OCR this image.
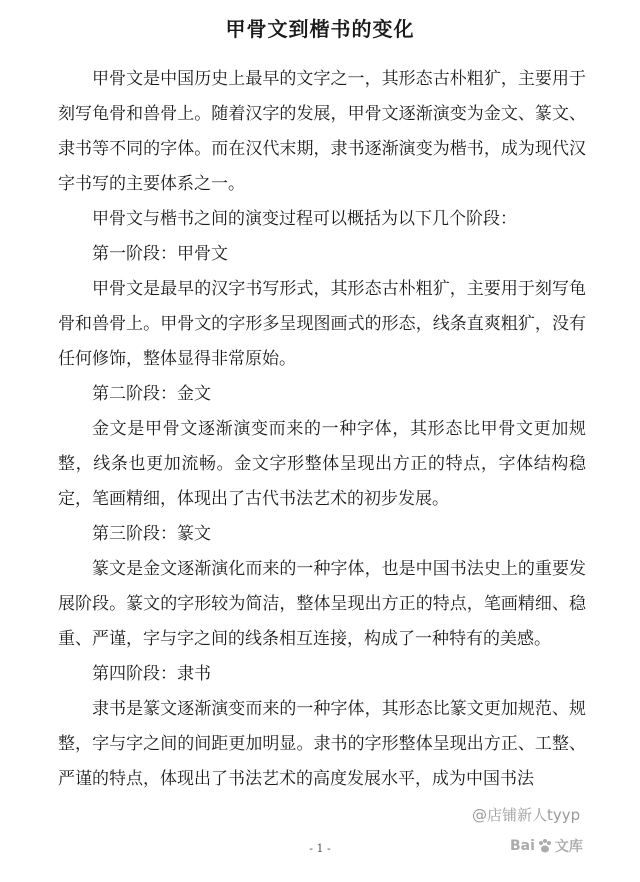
甲骨文到楷书的变化

甲骨文是中国历史上最早的文字之一，其形态古朴粗犷，主要用于刻写龟骨和兽骨上。随着汉字的发展，甲骨文逐渐演变为金文、篆文、隶书等不同的字体。而在汉代末期，隶书逐渐演变为楷书，成为现代汉字书写的主要体系之一。

甲骨文与楷书之间的演变过程可以概括为以下几个阶段：

第一阶段：甲骨文

甲骨文是最早的汉字书写形式，其形态古朴粗犷，主要用于刻写龟骨和兽骨上。甲骨文的字形多呈现图画式的形态，线条直爽粗犷，没有任何修饰，整体显得非常原始。

第二阶段：金文

金文是甲骨文逐渐演变而来的一种字体，其形态比甲骨文更加规整，线条也更加流畅。金文字形整体呈现出方正的特点，字体结构稳定，笔画精细，体现出了古代书法艺术的初步发展。

第三阶段：篆文

篆文是金文逐渐演化而来的一种字体，也是中国书法史上的重要发展阶段。篆文的字形较为简洁，整体呈现出方正的特点，笔画精细、稳重、严谨，字与字之间的线条相互连接，构成了一种特有的美感。

第四阶段：隶书

隶书是篆文逐渐演变而来的一种字体，其形态比篆文更加规范、规整，字与字之间的间距更加明显。隶书的字形整体呈现出方正、工整、严谨的特点，体现出了书法艺术的高度发展水平，成为中国书法

@店铺新人tyyp
Bai 文库
- 1 -
